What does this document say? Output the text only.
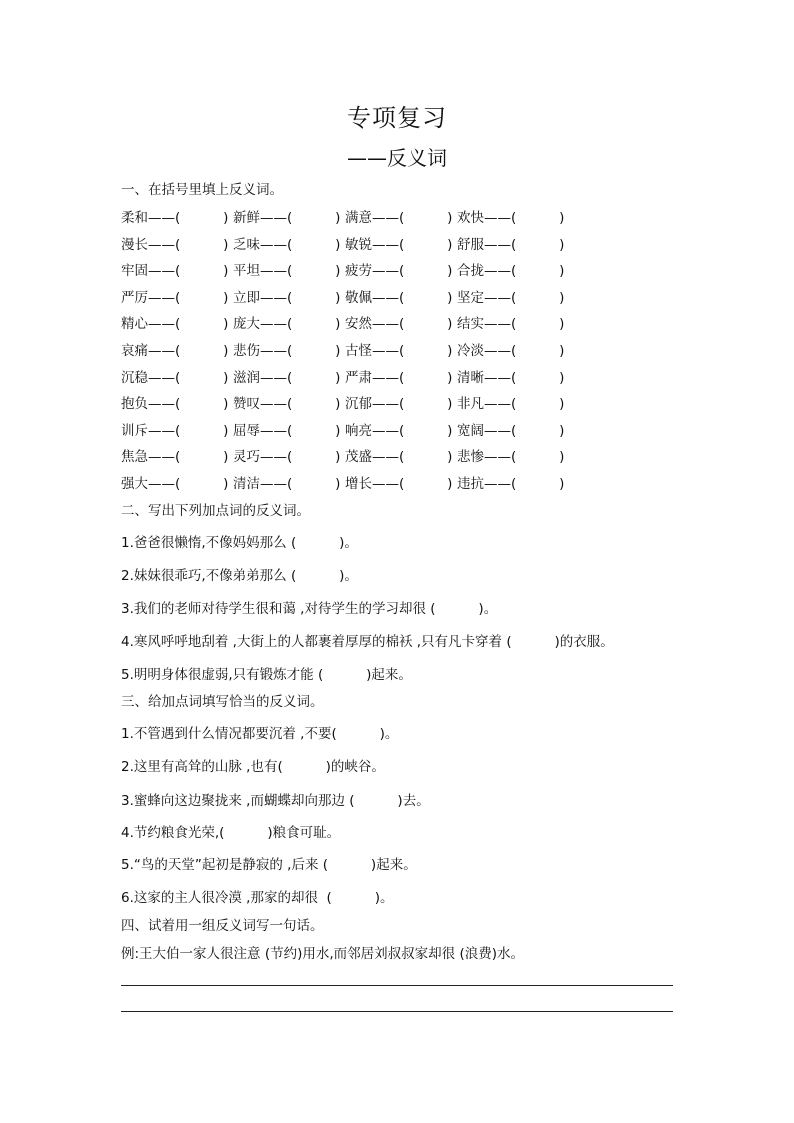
专项复习
——反义词
一、在括号里填上反义词。
柔和——(          ) 新鲜——(          ) 满意——(          ) 欢快——(          )
漫长——(          ) 乏味——(          ) 敏锐——(          ) 舒服——(          )
牢固——(          ) 平坦——(          ) 疲劳——(          ) 合拢——(          )
严厉——(          ) 立即——(          ) 敬佩——(          ) 坚定——(          )
精心——(          ) 庞大——(          ) 安然——(          ) 结实——(          )
哀痛——(          ) 悲伤——(          ) 古怪——(          ) 冷淡——(          )
沉稳——(          ) 滋润——(          ) 严肃——(          ) 清晰——(          )
抱负——(          ) 赞叹——(          ) 沉郁——(          ) 非凡——(          )
训斥——(          ) 屈辱——(          ) 响亮——(          ) 宽阔——(          )
焦急——(          ) 灵巧——(          ) 茂盛——(          ) 悲惨——(          )
强大——(          ) 清洁——(          ) 增长——(          ) 违抗——(          )
二、写出下列加点词的反义词。
1.爸爸很懒惰,不像妈妈那么 (          )。
2.妹妹很乖巧,不像弟弟那么 (          )。
3.我们的老师对待学生很和蔼 ,对待学生的学习却很 (          )。
4.寒风呼呼地刮着 ,大街上的人都裹着厚厚的棉袄 ,只有凡卡穿着 (          )的衣服。
5.明明身体很虚弱,只有锻炼才能 (          )起来。
三、给加点词填写恰当的反义词。
1.不管遇到什么情况都要沉着 ,不要(          )。
2.这里有高耸的山脉 ,也有(          )的峡谷。
3.蜜蜂向这边聚拢来 ,而蝴蝶却向那边 (          )去。
4.节约粮食光荣,(          )粮食可耻。
5.“鸟的天堂”起初是静寂的 ,后来 (          )起来。
6.这家的主人很冷漠 ,那家的却很  (          )。
四、试着用一组反义词写一句话。
例:王大伯一家人很注意 (节约)用水,而邻居刘叔叔家却很 (浪费)水。
